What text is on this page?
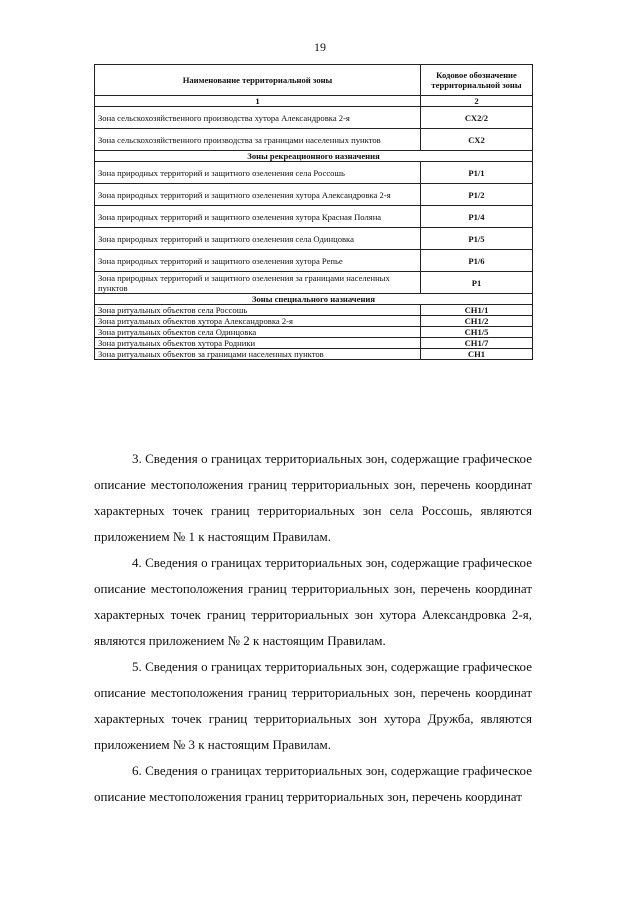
19
Наименование территориальной зоны	Кодовое обозначение территориальной зоны
1	2
Зона сельскохозяйственного производства хутора Александровка 2-я	СХ2/2
Зона сельскохозяйственного производства за границами населенных пунктов	СХ2
Зоны рекреационного назначения	
Зона природных территорий и защитного озеленения села Россошь	Р1/1
Зона природных территорий и защитного озеленения хутора Александровка 2-я	Р1/2
Зона природных территорий и защитного озеленения хутора Красная Поляна	Р1/4
Зона природных территорий и защитного озеленения села Одинцовка	Р1/5
Зона природных территорий и защитного озеленения хутора Репье	Р1/6
Зона природных территорий и защитного озеленения за границами населенных пунктов	Р1
Зоны специального назначения	
Зона ритуальных объектов села Россошь	СН1/1
Зона ритуальных объектов хутора Александровка 2-я	СН1/2
Зона ритуальных объектов села Одинцовка	СН1/5
Зона ритуальных объектов хутора Родники	СН1/7
Зона ритуальных объектов за границами населенных пунктов	СН1

3. Сведения о границах территориальных зон, содержащие графическое описание местоположения границ территориальных зон, перечень координат характерных точек границ территориальных зон села Россошь, являются приложением № 1 к настоящим Правилам.

4. Сведения о границах территориальных зон, содержащие графическое описание местоположения границ территориальных зон, перечень координат характерных точек границ территориальных зон хутора Александровка 2-я, являются приложением № 2 к настоящим Правилам.

5. Сведения о границах территориальных зон, содержащие графическое описание местоположения границ территориальных зон, перечень координат характерных точек границ территориальных зон хутора Дружба, являются приложением № 3 к настоящим Правилам.

6. Сведения о границах территориальных зон, содержащие графическое описание местоположения границ территориальных зон, перечень координат
